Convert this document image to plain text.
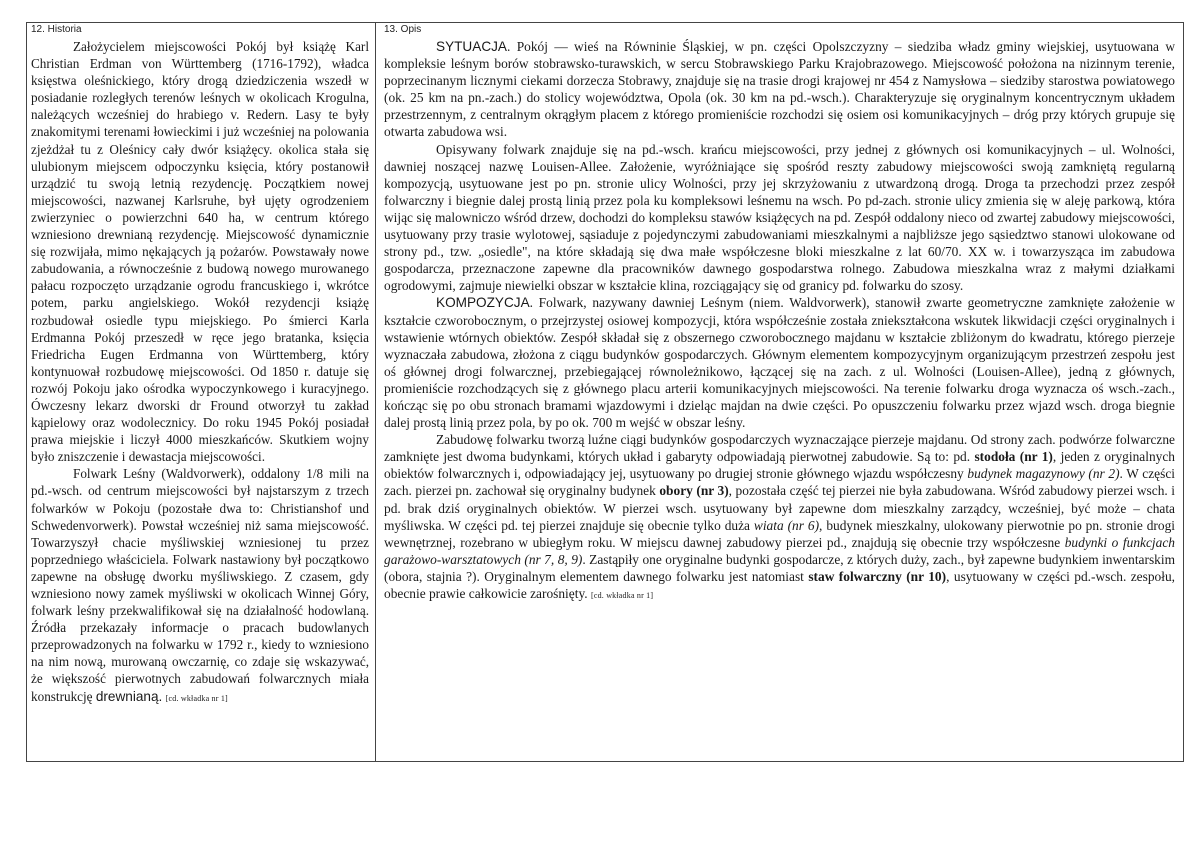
12. Historia

Założycielem miejscowości Pokój był książę Karl Christian Erdman von Württemberg (1716-1792), władca księstwa oleśnickiego, który drogą dziedziczenia wszedł w posiadanie rozległych terenów leśnych w okolicach Krogulna, należących wcześniej do hrabiego v. Redern. Lasy te były znakomitymi terenami łowieckimi i już wcześniej na polowania zjeżdżał tu z Oleśnicy cały dwór książęcy. okolica stała się ulubionym miejscem odpoczynku księcia, który postanowił urządzić tu swoją letnią rezydencję. Początkiem nowej miejscowości, nazwanej Karlsruhe, był ujęty ogrodzeniem zwierzyniec o powierzchni 640 ha, w centrum którego wzniesiono drewnianą rezydencję. Miejscowość dynamicznie się rozwijała, mimo nękających ją pożarów. Powstawały nowe zabudowania, a równocześnie z budową nowego murowanego pałacu rozpoczęto urządzanie ogrodu francuskiego i, wkrótce potem, parku angielskiego. Wokół rezydencji książę rozbudował osiedle typu miejskiego. Po śmierci Karla Erdmanna Pokój przeszedł w ręce jego bratanka, księcia Friedricha Eugen Erdmanna von Württemberg, który kontynuował rozbudowę miejscowości. Od 1850 r. datuje się rozwój Pokoju jako ośrodka wypoczynkowego i kuracyjnego. Ówczesny lekarz dworski dr Fround otworzył tu zakład kąpielowy oraz wodolecznicy. Do roku 1945 Pokój posiadał prawa miejskie i liczył 4000 mieszkańców. Skutkiem wojny było zniszczenie i dewastacja miejscowości.

Folwark Leśny (Waldvorwerk), oddalony 1/8 mili na pd.-wsch. od centrum miejscowości był najstarszym z trzech folwarków w Pokoju (pozostałe dwa to: Christianshof und Schwedenvorwerk). Powstał wcześniej niż sama miejscowość. Towarzyszył chacie myśliwskiej wzniesionej tu przez poprzedniego właściciela. Folwark nastawiony był początkowo zapewne na obsługę dworku myśliwskiego. Z czasem, gdy wzniesiono nowy zamek myśliwski w okolicach Winnej Góry, folwark leśny przekwalifikował się na działalność hodowlaną. Źródła przekazały informacje o pracach budowlanych przeprowadzonych na folwarku w 1792 r., kiedy to wzniesiono na nim nową, murowaną owczarnię, co zdaje się wskazywać, że większość pierwotnych zabudowań folwarcznych miała konstrukcję drewnianą. [cd. wkładka nr 1]

13. Opis

SYTUACJA. Pokój — wieś na Równinie Śląskiej, w pn. części Opolszczyzny – siedziba władz gminy wiejskiej, usytuowana w kompleksie leśnym borów stobrawsko-turawskich, w sercu Stobrawskiego Parku Krajobrazowego. Miejscowość położona na nizinnym terenie, poprzecinanym licznymi ciekami dorzecza Stobrawy, znajduje się na trasie drogi krajowej nr 454 z Namysłowa – siedziby starostwa powiatowego (ok. 25 km na pn.-zach.) do stolicy województwa, Opola (ok. 30 km na pd.-wsch.). Charakteryzuje się oryginalnym koncentrycznym układem przestrzennym, z centralnym okrągłym placem z którego promieniście rozchodzi się osiem osi komunikacyjnych – dróg przy których grupuje się otwarta zabudowa wsi.

Opisywany folwark znajduje się na pd.-wsch. krańcu miejscowości, przy jednej z głównych osi komunikacyjnych – ul. Wolności, dawniej noszącej nazwę Louisen-Allee. Założenie, wyróżniające się spośród reszty zabudowy miejscowości swoją zamkniętą regularną kompozycją, usytuowane jest po pn. stronie ulicy Wolności, przy jej skrzyżowaniu z utwardzoną drogą. Droga ta przechodzi przez zespół folwarczny i biegnie dalej prostą linią przez pola ku kompleksowi leśnemu na wsch. Po pd-zach. stronie ulicy zmienia się w aleję parkową, która wijąc się malowniczo wśród drzew, dochodzi do kompleksu stawów książęcych na pd. Zespół oddalony nieco od zwartej zabudowy miejscowości, usytuowany przy trasie wylotowej, sąsiaduje z pojedynczymi zabudowaniami mieszkalnymi a najbliższe jego sąsiedztwo stanowi ulokowane od strony pd., tzw. „osiedle", na które składają się dwa małe współczesne bloki mieszkalne z lat 60/70. XX w. i towarzysząca im zabudowa gospodarcza, przeznaczone zapewne dla pracowników dawnego gospodarstwa rolnego. Zabudowa mieszkalna wraz z małymi działkami ogrodowymi, zajmuje niewielki obszar w kształcie klina, rozciągający się od granicy pd. folwarku do szosy.

KOMPOZYCJA. Folwark, nazywany dawniej Leśnym (niem. Waldvorwerk), stanowił zwarte geometryczne zamknięte założenie w kształcie czworobocznym, o przejrzystej osiowej kompozycji, która współcześnie została zniekształcona wskutek likwidacji części oryginalnych i wstawienie wtórnych obiektów. Zespół składał się z obszernego czworobocznego majdanu w kształcie zbliżonym do kwadratu, którego pierzeje wyznaczała zabudowa, złożona z ciągu budynków gospodarczych. Głównym elementem kompozycyjnym organizującym przestrzeń zespołu jest oś głównej drogi folwarcznej, przebiegającej równoleżnikowo, łączącej się na zach. z ul. Wolności (Louisen-Allee), jedną z głównych, promieniście rozchodzących się z głównego placu arterii komunikacyjnych miejscowości. Na terenie folwarku droga wyznacza oś wsch.-zach., kończąc się po obu stronach bramami wjazdowymi i dzieląc majdan na dwie części. Po opuszczeniu folwarku przez wjazd wsch. droga biegnie dalej prostą linią przez pola, by po ok. 700 m wejść w obszar leśny.

Zabudowę folwarku tworzą luźne ciągi budynków gospodarczych wyznaczające pierzeje majdanu. Od strony zach. podwórze folwarczne zamknięte jest dwoma budynkami, których układ i gabaryty odpowiadają pierwotnej zabudowie. Są to: pd. stodoła (nr 1), jeden z oryginalnych obiektów folwarcznych i, odpowiadający jej, usytuowany po drugiej stronie głównego wjazdu współczesny budynek magazynowy (nr 2). W części zach. pierzei pn. zachował się oryginalny budynek obory (nr 3), pozostała część tej pierzei nie była zabudowana. Wśród zabudowy pierzei wsch. i pd. brak dziś oryginalnych obiektów. W pierzei wsch. usytuowany był zapewne dom mieszkalny zarządcy, wcześniej, być może – chata myśliwska. W części pd. tej pierzei znajduje się obecnie tylko duża wiata (nr 6), budynek mieszkalny, ulokowany pierwotnie po pn. stronie drogi wewnętrznej, rozebrano w ubiegłym roku. W miejscu dawnej zabudowy pierzei pd., znajdują się obecnie trzy współczesne budynki o funkcjach garażowo-warsztatowych (nr 7, 8, 9). Zastąpiły one oryginalne budynki gospodarcze, z których duży, zach., był zapewne budynkiem inwentarskim (obora, stajnia ?). Oryginalnym elementem dawnego folwarku jest natomiast staw folwarczny (nr 10), usytuowany w części pd.-wsch. zespołu, obecnie prawie całkowicie zarośnięty. [cd. wkładka nr 1]
